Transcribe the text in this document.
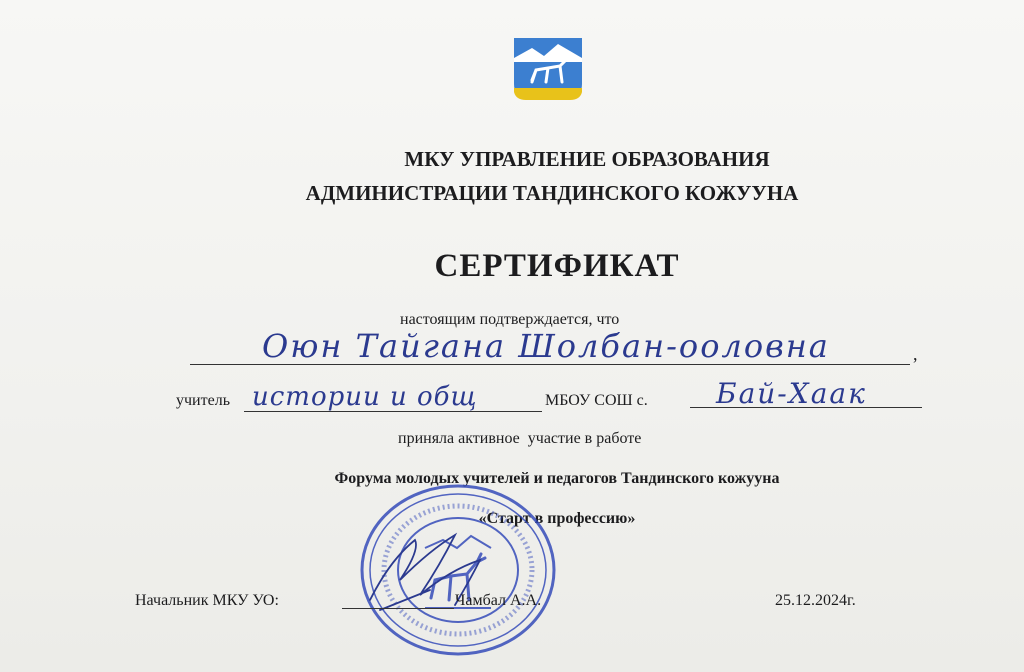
МКУ УПРАВЛЕНИЕ ОБРАЗОВАНИЯ
АДМИНИСТРАЦИИ ТАНДИНСКОГО КОЖУУНА
СЕРТИФИКАТ
настоящим подтверждается, что
Оюн Тайгана Шолбан-ооловна	,
учитель истории и общ	МБОУ СОШ с. Бай-Хаак
приняла активное  участие в работе
Форума молодых учителей и педагогов Тандинского кожууна
«Старт в профессию»
Начальник МКУ УО:	Чамбал А.А.	25.12.2024г.
